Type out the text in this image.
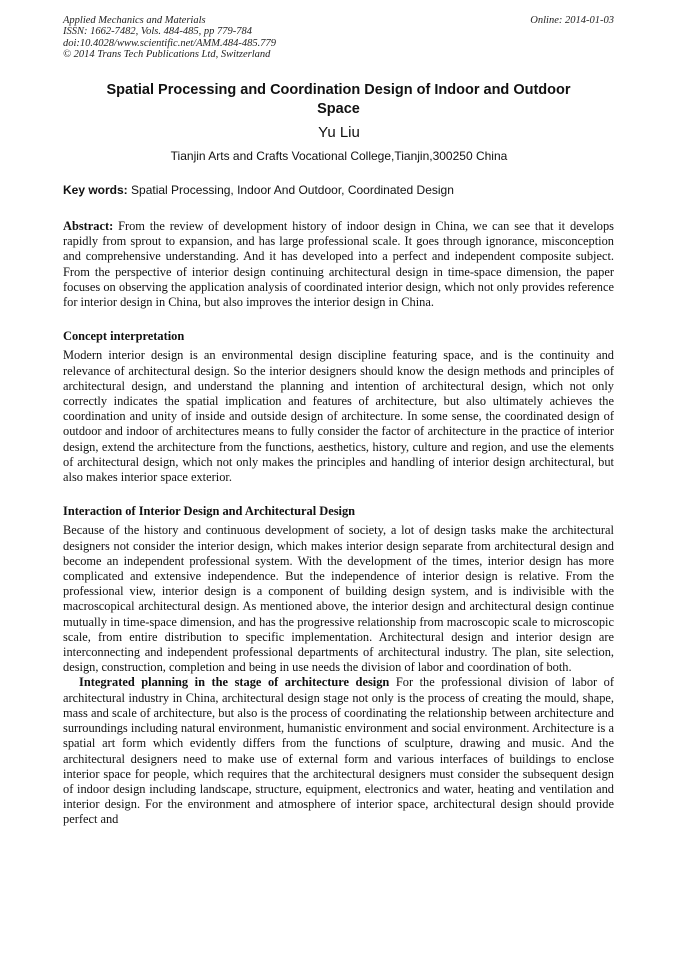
Applied Mechanics and Materials
ISSN: 1662-7482, Vols. 484-485, pp 779-784
doi:10.4028/www.scientific.net/AMM.484-485.779
© 2014 Trans Tech Publications Ltd, Switzerland
Online: 2014-01-03
Spatial Processing and Coordination Design of Indoor and Outdoor
Space
Yu Liu
Tianjin Arts and Crafts Vocational College,Tianjin,300250 China
Key words: Spatial Processing, Indoor And Outdoor, Coordinated Design

Abstract: From the review of development history of indoor design in China, we can see that it develops rapidly from sprout to expansion, and has large professional scale. It goes through ignorance, misconception and comprehensive understanding. And it has developed into a perfect and independent composite subject. From the perspective of interior design continuing architectural design in time-space dimension, the paper focuses on observing the application analysis of coordinated interior design, which not only provides reference for interior design in China, but also improves the interior design in China.

Concept interpretation

Modern interior design is an environmental design discipline featuring space, and is the continuity and relevance of architectural design. So the interior designers should know the design methods and principles of architectural design, and understand the planning and intention of architectural design, which not only correctly indicates the spatial implication and features of architecture, but also ultimately achieves the coordination and unity of inside and outside design of architecture. In some sense, the coordinated design of outdoor and indoor of architectures means to fully consider the factor of architecture in the practice of interior design, extend the architecture from the functions, aesthetics, history, culture and region, and use the elements of architectural design, which not only makes the principles and handling of interior design architectural, but also makes interior space exterior.

Interaction of Interior Design and Architectural Design

Because of the history and continuous development of society, a lot of design tasks make the architectural designers not consider the interior design, which makes interior design separate from architectural design and become an independent professional system. With the development of the times, interior design has more complicated and extensive independence. But the independence of interior design is relative. From the professional view, interior design is a component of building design system, and is indivisible with the macroscopical architectural design. As mentioned above, the interior design and architectural design continue mutually in time-space dimension, and has the progressive relationship from macroscopic scale to microscopic scale, from entire distribution to specific implementation. Architectural design and interior design are interconnecting and independent professional departments of architectural industry. The plan, site selection, design, construction, completion and being in use needs the division of labor and coordination of both.

Integrated planning in the stage of architecture design For the professional division of labor of architectural industry in China, architectural design stage not only is the process of creating the mould, shape, mass and scale of architecture, but also is the process of coordinating the relationship between architecture and surroundings including natural environment, humanistic environment and social environment. Architecture is a spatial art form which evidently differs from the functions of sculpture, drawing and music. And the architectural designers need to make use of external form and various interfaces of buildings to enclose interior space for people, which requires that the architectural designers must consider the subsequent design of indoor design including landscape, structure, equipment, electronics and water, heating and ventilation and interior design. For the environment and atmosphere of interior space, architectural design should provide perfect and
